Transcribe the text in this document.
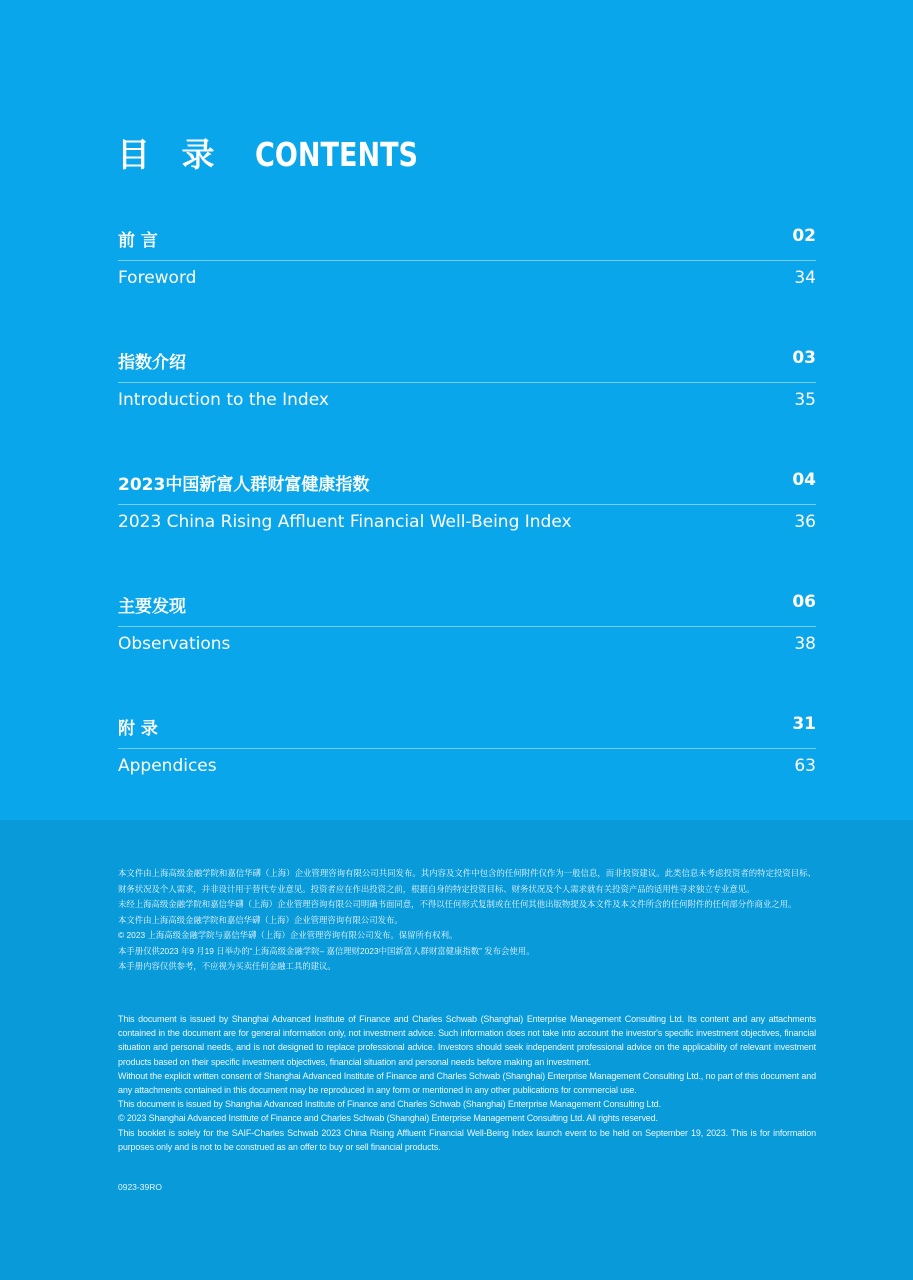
目 录 CONTENTS
前 言	02
Foreword	34
指数介绍	03
Introduction to the Index	35
2023中国新富人群财富健康指数	04
2023 China Rising Affluent Financial Well-Being Index	36
主要发现	06
Observations	38
附 录	31
Appendices	63

本文件由上海高级金融学院和嘉信华礴（上海）企业管理咨询有限公司共同发布。其内容及文件中包含的任何附件仅作为一般信息，而非投资建议。此类信息未考虑投资者的特定投资目标、财务状况及个人需求，并非设计用于替代专业意见。投资者应在作出投资之前，根据自身的特定投资目标、财务状况及个人需求就有关投资产品的适用性寻求独立专业意见。

未经上海高级金融学院和嘉信华礴（上海）企业管理咨询有限公司明确书面同意，不得以任何形式复制或在任何其他出版物提及本文件及本文件所含的任何附件的任何部分作商业之用。

本文件由上海高级金融学院和嘉信华礴（上海）企业管理咨询有限公司发布。

© 2023 上海高级金融学院与嘉信华礴（上海）企业管理咨询有限公司发布。保留所有权利。

本手册仅供2023 年9 月19 日举办的“上海高级金融学院– 嘉信理财2023中国新富人群财富健康指数” 发布会使用。

本手册内容仅供参考，不应视为买卖任何金融工具的建议。

This document is issued by Shanghai Advanced Institute of Finance and Charles Schwab (Shanghai) Enterprise Management Consulting Ltd. Its content and any attachments contained in the document are for general information only, not investment advice. Such information does not take into account the investor's specific investment objectives, financial situation and personal needs, and is not designed to replace professional advice. Investors should seek independent professional advice on the applicability of relevant investment products based on their specific investment objectives, financial situation and personal needs before making an investment.

Without the explicit written consent of Shanghai Advanced Institute of Finance and Charles Schwab (Shanghai) Enterprise Management Consulting Ltd., no part of this document and any attachments contained in this document may be reproduced in any form or mentioned in any other publications for commercial use.

This document is issued by Shanghai Advanced Institute of Finance and Charles Schwab (Shanghai) Enterprise Management Consulting Ltd.

© 2023 Shanghai Advanced Institute of Finance and Charles Schwab (Shanghai) Enterprise Management Consulting Ltd. All rights reserved.

This booklet is solely for the SAIF-Charles Schwab 2023 China Rising Affluent Financial Well-Being Index launch event to be held on September 19, 2023. This is for information purposes only and is not to be construed as an offer to buy or sell financial products.

0923-39RO
